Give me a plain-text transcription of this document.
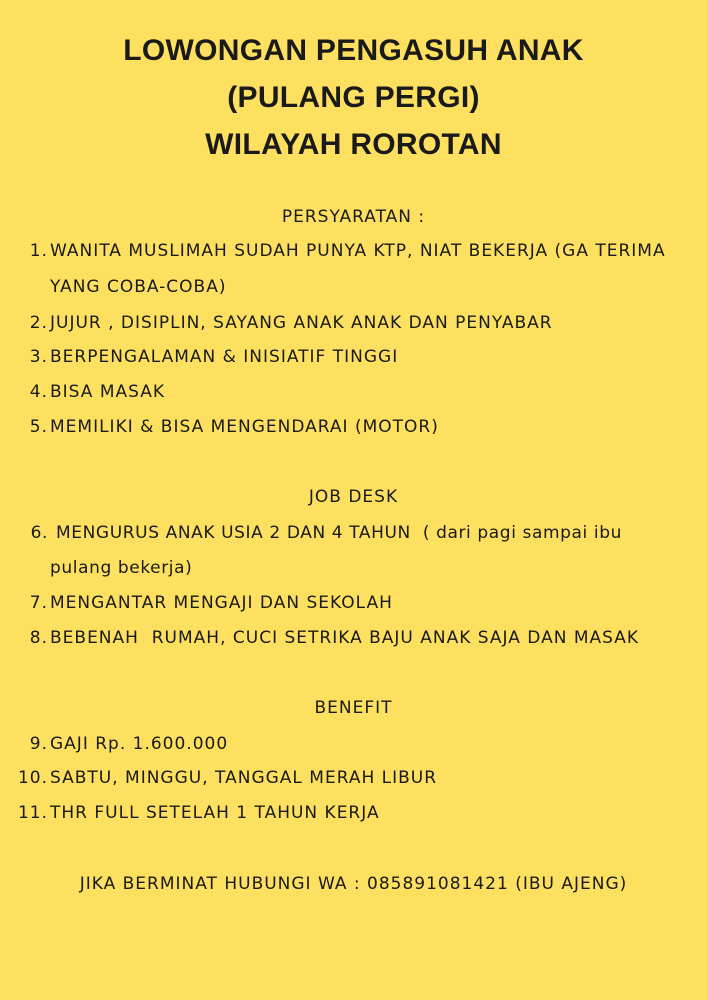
LOWONGAN PENGASUH ANAK
(PULANG PERGI)
WILAYAH ROROTAN
PERSYARATAN :
1. WANITA MUSLIMAH SUDAH PUNYA KTP, NIAT BEKERJA (GA TERIMA
YANG COBA-COBA)
2. JUJUR , DISIPLIN, SAYANG ANAK ANAK DAN PENYABAR
3. BERPENGALAMAN & INISIATIF TINGGI
4. BISA MASAK
5. MEMILIKI & BISA MENGENDARAI (MOTOR)
JOB DESK
6. MENGURUS ANAK USIA 2 DAN 4 TAHUN  ( dari pagi sampai ibu
pulang bekerja)
7. MENGANTAR MENGAJI DAN SEKOLAH
8. BEBENAH  RUMAH, CUCI SETRIKA BAJU ANAK SAJA DAN MASAK
BENEFIT
9. GAJI Rp. 1.600.000
10. SABTU, MINGGU, TANGGAL MERAH LIBUR
11. THR FULL SETELAH 1 TAHUN KERJA
JIKA BERMINAT HUBUNGI WA : 085891081421 (IBU AJENG)
